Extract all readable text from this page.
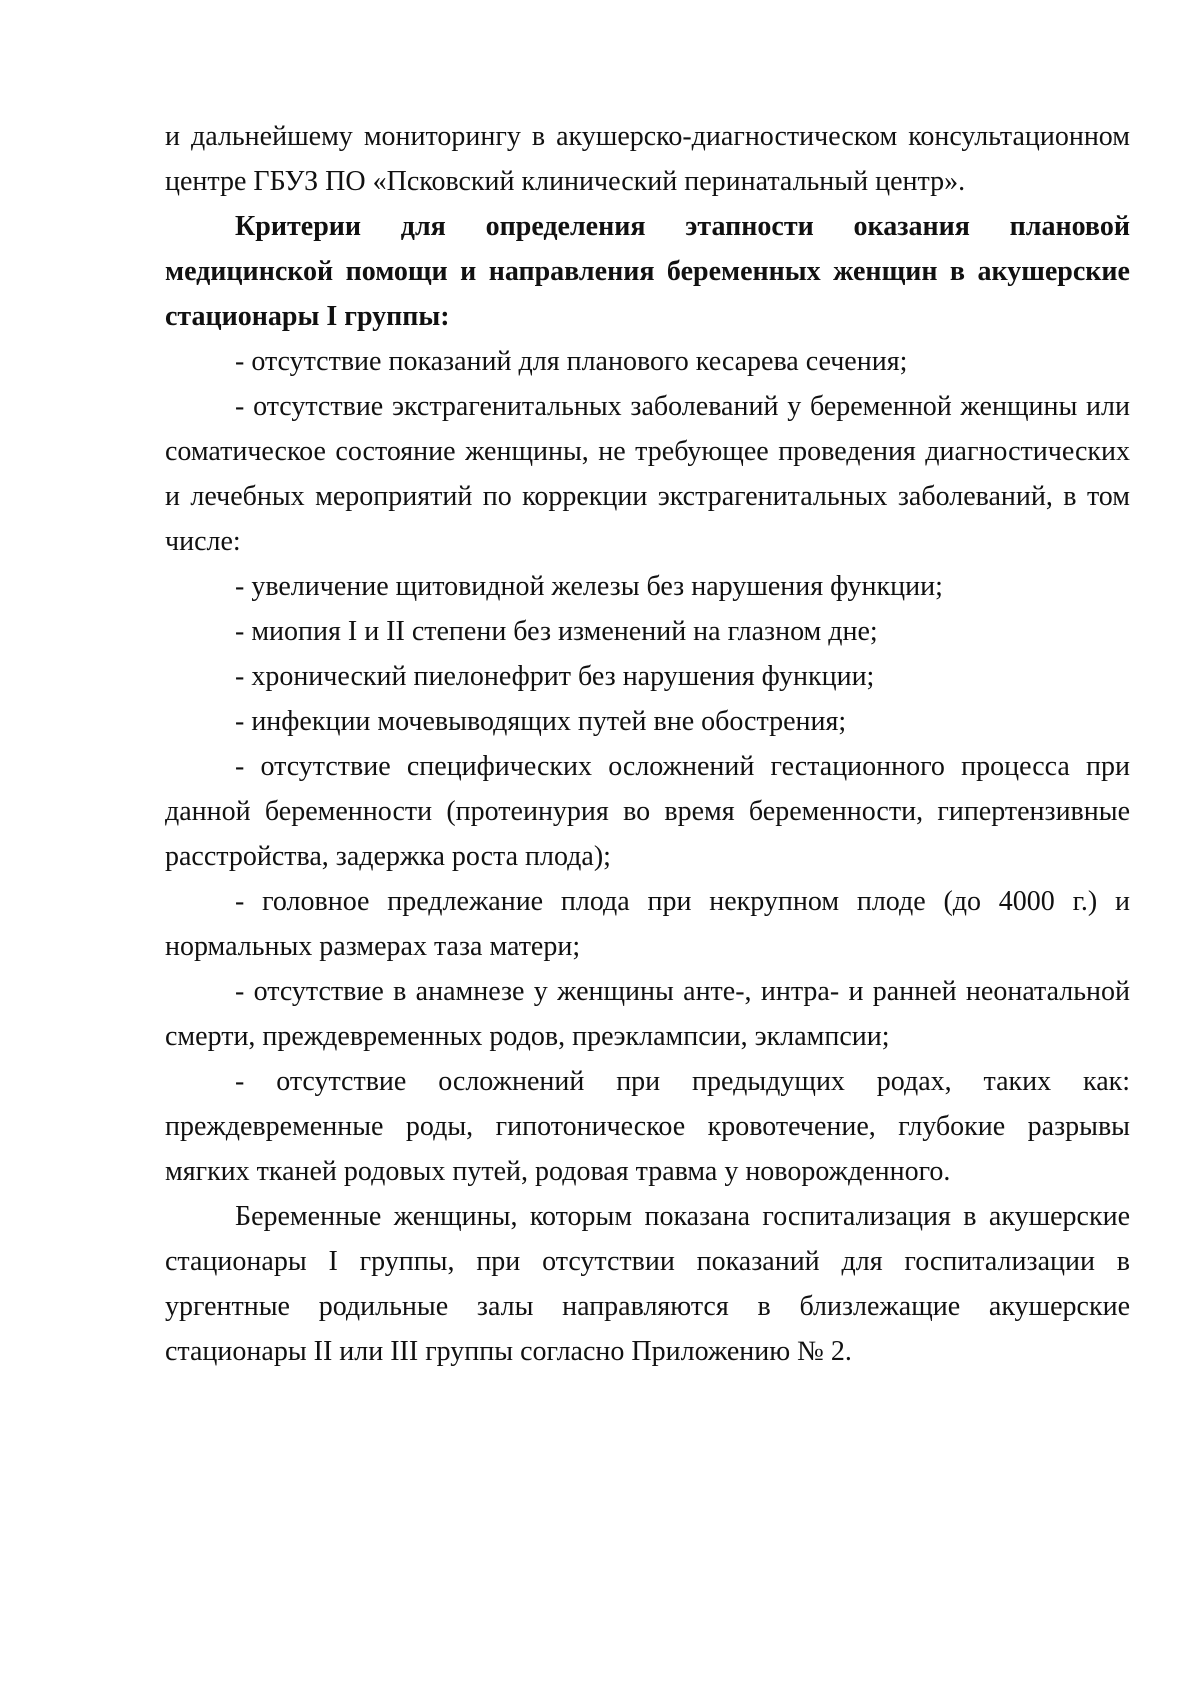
и дальнейшему мониторингу в акушерско-диагностическом консультационном центре ГБУЗ ПО «Псковский клинический перинатальный центр».

Критерии для определения этапности оказания плановой медицинской помощи и направления беременных женщин в акушерские стационары I группы:

- отсутствие показаний для планового кесарева сечения;

- отсутствие экстрагенитальных заболеваний у беременной женщины или соматическое состояние женщины, не требующее проведения диагностических и лечебных мероприятий по коррекции экстрагенитальных заболеваний, в том числе:

- увеличение щитовидной железы без нарушения функции;

- миопия I и II степени без изменений на глазном дне;

- хронический пиелонефрит без нарушения функции;

- инфекции мочевыводящих путей вне обострения;

- отсутствие специфических осложнений гестационного процесса при данной беременности (протеинурия во время беременности, гипертензивные расстройства, задержка роста плода);

- головное предлежание плода при некрупном плоде (до 4000 г.) и нормальных размерах таза матери;

- отсутствие в анамнезе у женщины анте-, интра- и ранней неонатальной смерти, преждевременных родов, преэклампсии, эклампсии;

- отсутствие осложнений при предыдущих родах, таких как: преждевременные роды, гипотоническое кровотечение, глубокие разрывы мягких тканей родовых путей, родовая травма у новорожденного.

Беременные женщины, которым показана госпитализация в акушерские стационары I группы, при отсутствии показаний для госпитализации в ургентные родильные залы направляются в близлежащие акушерские стационары II или III группы согласно Приложению № 2.
